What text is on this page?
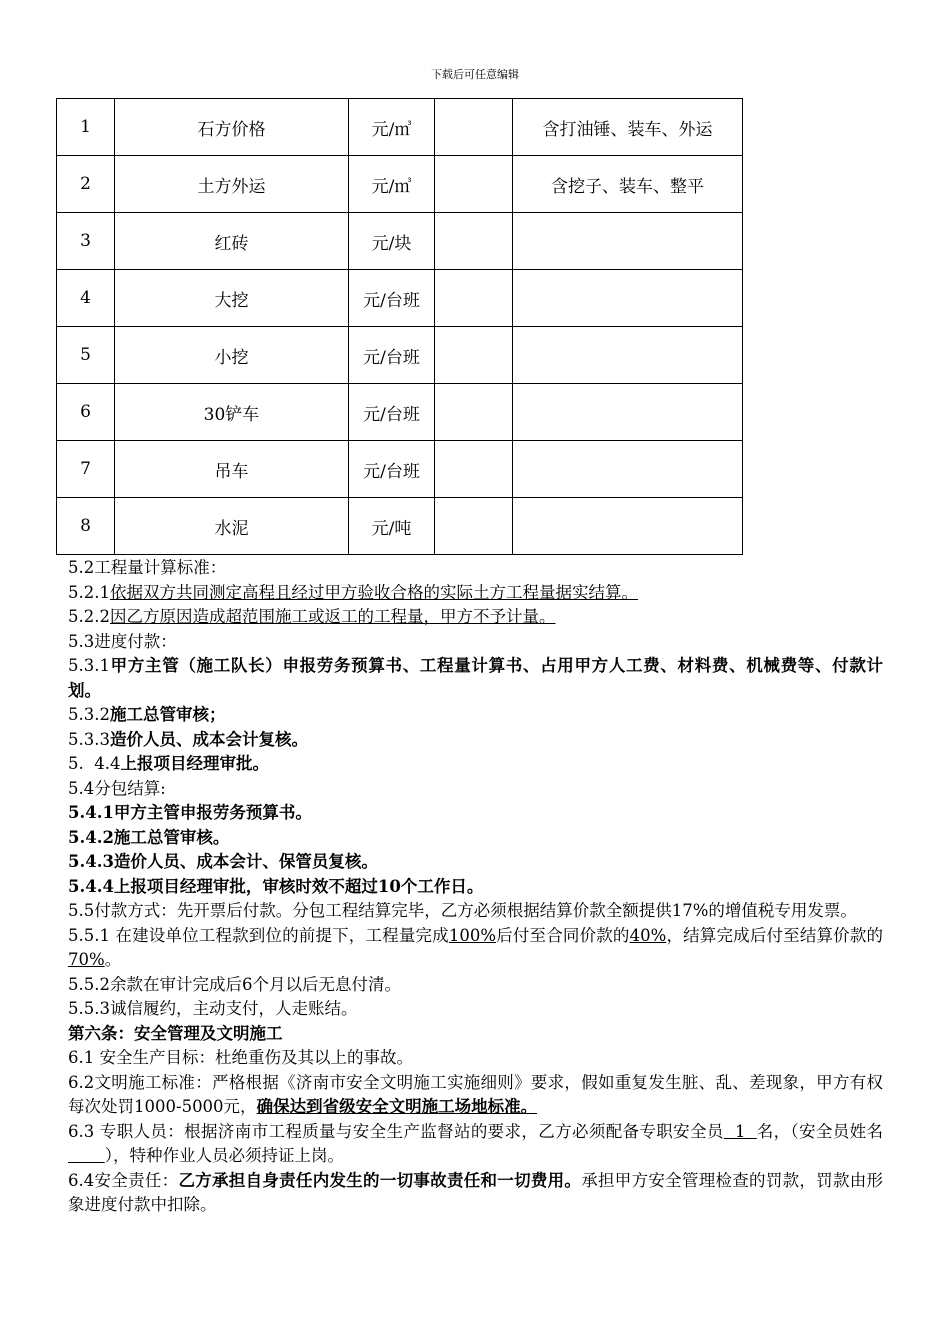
下载后可任意编辑
1	石方价格	元/㎥		含打油锤、装车、外运
2	土方外运	元/㎥		含挖子、装车、整平
3	红砖	元/块		
4	大挖	元/台班		
5	小挖	元/台班		
6	30铲车	元/台班		
7	吊车	元/台班		
8	水泥	元/吨		
5.2工程量计算标准：
5.2.1依据双方共同测定高程且经过甲方验收合格的实际土方工程量据实结算。
5.2.2因乙方原因造成超范围施工或返工的工程量，甲方不予计量。
5.3进度付款：
5.3.1甲方主管（施工队长）申报劳务预算书、工程量计算书、占用甲方人工费、材料费、机械费等、付款计划。
5.3.2施工总管审核；
5.3.3造价人员、成本会计复核。
5.  4.4上报项目经理审批。
5.4分包结算:
5.4.1甲方主管申报劳务预算书。
5.4.2施工总管审核。
5.4.3造价人员、成本会计、保管员复核。
5.4.4上报项目经理审批，审核时效不超过10个工作日。
5.5付款方式：先开票后付款。分包工程结算完毕，乙方必须根据结算价款全额提供17%的增值税专用发票。
5.5.1 在建设单位工程款到位的前提下，工程量完成100%后付至合同价款的40%，结算完成后付至结算价款的70%。
5.5.2余款在审计完成后6个月以后无息付清。
5.5.3诚信履约，主动支付，人走账结。
第六条：安全管理及文明施工
6.1 安全生产目标：杜绝重伤及其以上的事故。
6.2文明施工标准：严格根据《济南市安全文明施工实施细则》要求，假如重复发生脏、乱、差现象，甲方有权每次处罚1000-5000元，确保达到省级安全文明施工场地标准。
6.3 专职人员：根据济南市工程质量与安全生产监督站的要求，乙方必须配备专职安全员  1  名，（安全员姓名       ），特种作业人员必须持证上岗。
6.4安全责任：乙方承担自身责任内发生的一切事故责任和一切费用。承担甲方安全管理检查的罚款，罚款由形象进度付款中扣除。
